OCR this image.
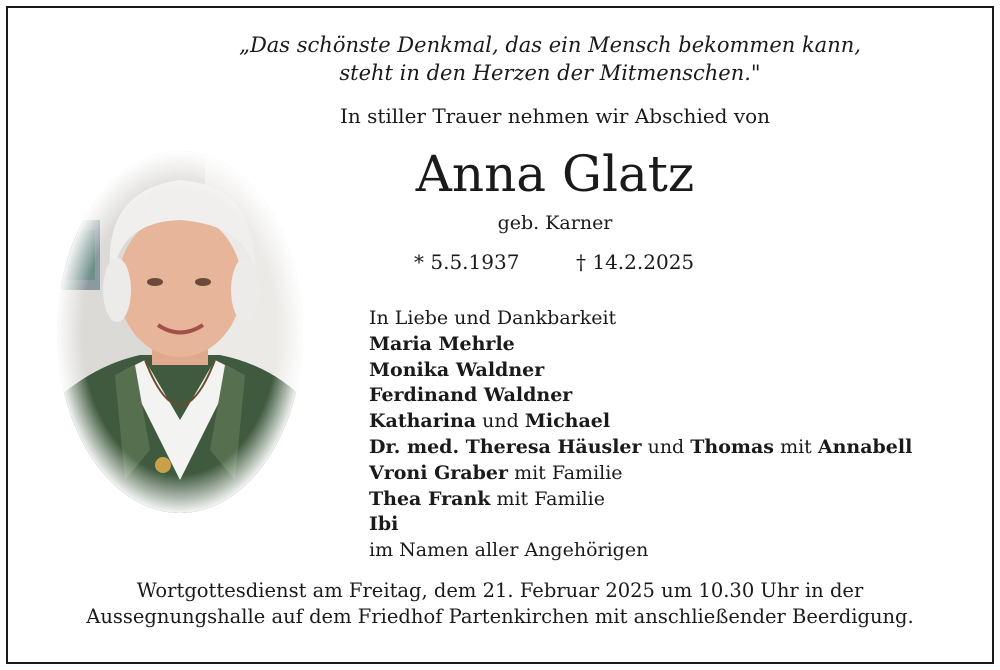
„Das schönste Denkmal, das ein Mensch bekommen kann,
steht in den Herzen der Mitmenschen."
In stiller Trauer nehmen wir Abschied von
Anna Glatz
geb. Karner
* 5.5.1937	† 14.2.2025
In Liebe und Dankbarkeit
Maria Mehrle
Monika Waldner
Ferdinand Waldner
Katharina und Michael
Dr. med. Theresa Häusler und Thomas mit Annabell
Vroni Graber mit Familie
Thea Frank mit Familie
Ibi
im Namen aller Angehörigen
Wortgottesdienst am Freitag, dem 21. Februar 2025 um 10.30 Uhr in der
Aussegnungshalle auf dem Friedhof Partenkirchen mit anschließender Beerdigung.
